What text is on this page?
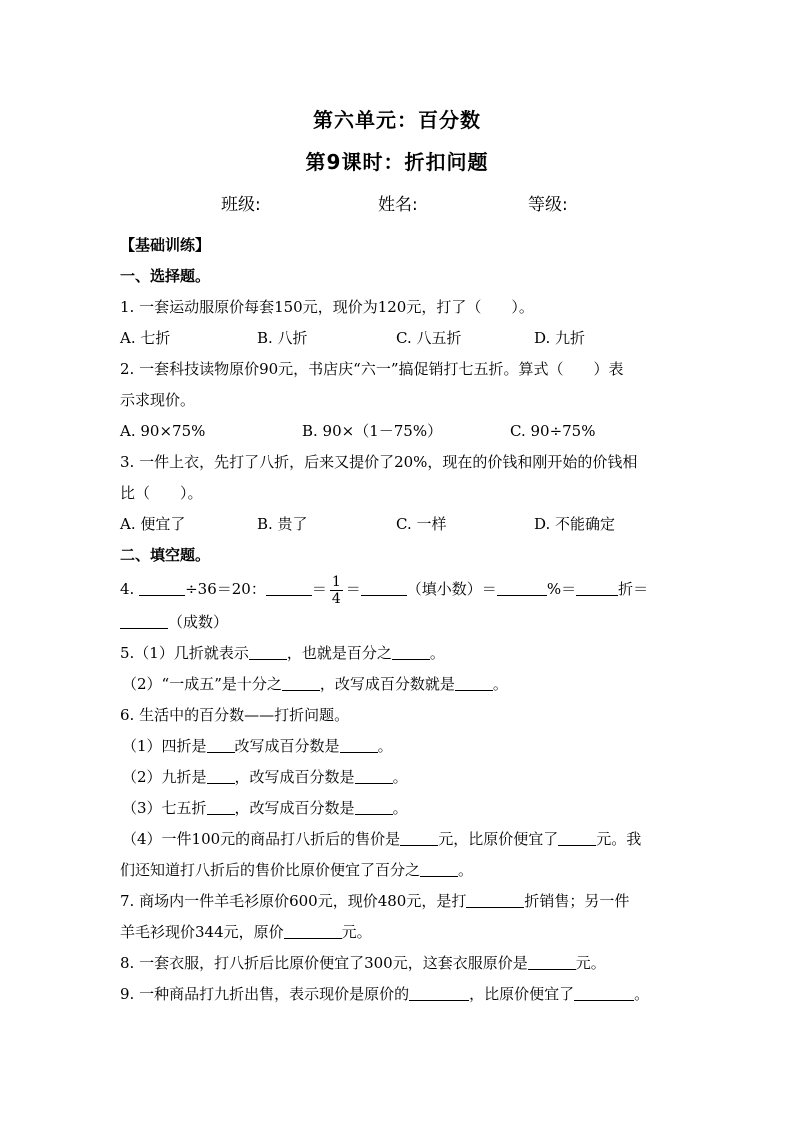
第六单元：百分数
第9课时：折扣问题
班级:	姓名:	等级:
【基础训练】
一、选择题。
1. 一套运动服原价每套150元，现价为120元，打了（　　）。
A. 七折	B. 八折	C. 八五折	D. 九折
2. 一套科技读物原价90元，书店庆“六一”搞促销打七五折。算式（　　）表
示求现价。
A. 90×75%	B. 90×（1－75%）	C. 90÷75%
3. 一件上衣，先打了八折，后来又提价了20%，现在的价钱和刚开始的价钱相
比（　　）。
A. 便宜了	B. 贵了	C. 一样	D. 不能确定
二、填空题。
4.	÷36＝20：	＝ $\frac{1}{4}$ ＝	（填小数）＝	%＝	折＝
（成数）
5.（1）几折就表示	，也就是百分之	。
（2）“一成五”是十分之	，改写成百分数就是	。
6. 生活中的百分数——打折问题。
（1）四折是 改写成百分数是	。
（2）九折是 ，改写成百分数是	。
（3）七五折 ，改写成百分数是	。
（4）一件100元的商品打八折后的售价是	元，比原价便宜了	元。我
们还知道打八折后的售价比原价便宜了百分之	。
7. 商场内一件羊毛衫原价600元，现价480元，是打	折销售；另一件
羊毛衫现价344元，原价	元。
8. 一套衣服，打八折后比原价便宜了300元，这套衣服原价是	元。
9. 一种商品打九折出售，表示现价是原价的	，比原价便宜了	。
